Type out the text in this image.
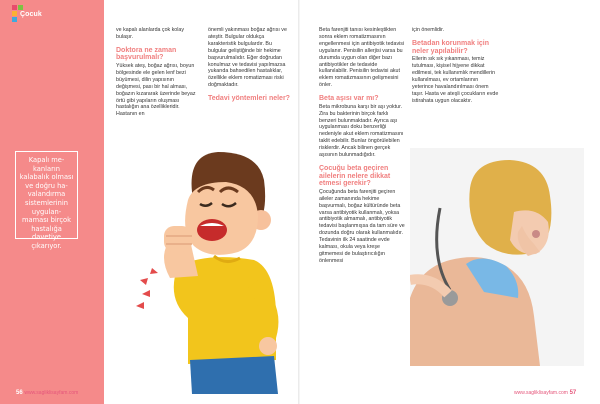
Çocuk
Kapalı me-kanların kalabalık olması ve doğru ha-valandırma sistemlerinin uygulan-maması birçok hastalığa davetiye çıkarıyor.

ve kapalı alanlarda çok kolay bulaşır.

Doktora ne zaman başvurulmalı?

Yüksek ateş, boğaz ağrısı, boyun bölgesinde ele gelen lenf bezi büyümesi, dilin yapısının değişmesi, pası bir hal alması, boğazın kızararak üzerinde beyaz örtü gibi yapıların oluşması hastalığın ana özellikleridir. Hastanın en

önemli yakınması boğaz ağrısı ve ateştir. Bulgular oldukça karakteristik bulgulardır. Bu bulgular geliştiğinde bir hekime başvurulmalıdır. Eğer doğrudan konulmaz ve tedavisi yapılmazsa yukarıda bahsedilen hastalıklar, özellikle eklem romatizması riski doğmaktadır.

Tedavi yöntemleri neler?
56 www.sagliklisayfam.com

Beta farenjiti tanısı kesinleştikten sonra eklem romatizmasının engellenmesi için antibiyotik tedavisi uygulanır. Penisilin allerjisi varsa bu durumda uygun olan diğer bazı antibiyotikler de tedavide kullanılabilir. Penisilin tedavisi akut eklem romatizmasının gelişmesini önler.

Beta aşısı var mı?

Beta mikrobuna karşı bir aşı yoktur. Zira bu bakterinin birçok farklı benzeri bulunmaktadır. Ayrıca aşı uygulanması doku benzerliği nedeniyle akut eklem romatizmasını taklit edebilir. Bunlar öngörülebilen risklerdir. Ancak bilinen gerçek aşısının bulunmadığıdır.

Çocuğu beta geçiren ailelerin nelere dikkat etmesi gerekir?

Çocuğunda beta farenjiti geçiren aileler zamanında hekime başvurmalı, boğaz kültüründe beta varsa antibiyotik kullanmalı, yoksa antibiyotik almamalı, antibiyotik tedavisi başlanmışsa da tam süre ve dozunda doğru olarak kullanmalıdır. Tedavinin ilk 24 saatinde evde kalması, okula veya kreşe gitmemesi de bulaştırıcılığın önlenmesi

için önemlidir.

Betadan korunmak için neler yapılabilir?

Ellerin sık sık yıkanması, temiz tutulması, kişisel hijyene dikkat edilmesi, tek kullanımlık mendillerin kullanılması, ev ortamlarının yeterince havalandırılması önem taşır. Hasta ve ateşli çocukların evde istirahata uygun olacaktır.

www.sagliklisayfam.com 57
